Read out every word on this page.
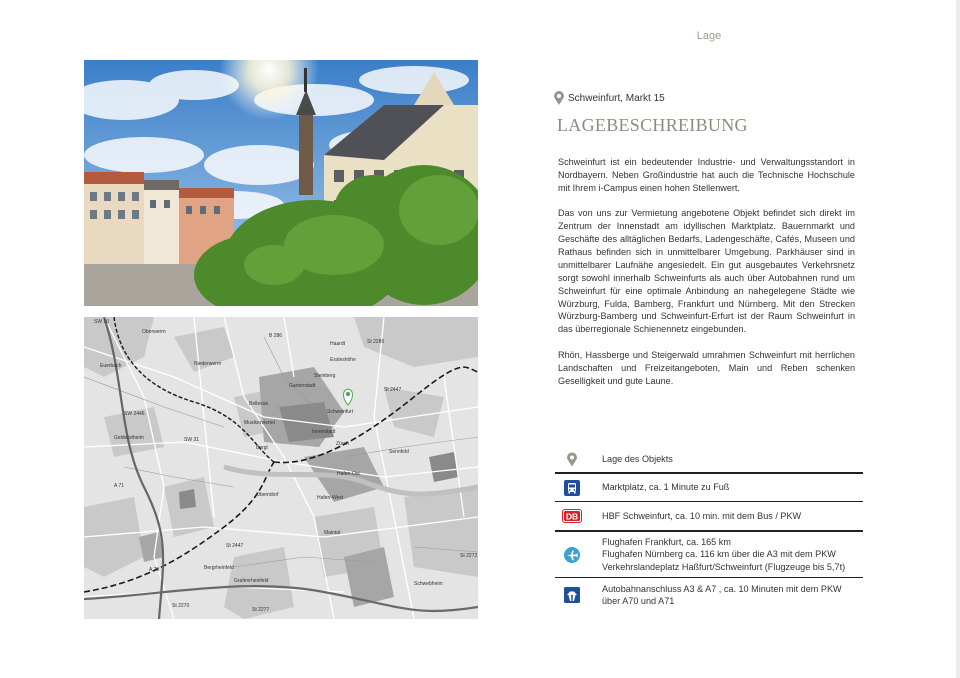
Lage
SW 10
Oberwerrn
B 286
Haardt	St 2280
Euerbach	Niederwerrn
Steinberg
Essleshöhe
Gartenstadt
Bellevue
Schweinfurt
St 2447
SW 2446
Musikerviertel
Innenstadt
Gelderstheim	SW 31
Zürch
Bergl
Sennfeld
A 71
Hafen-Ost
Oberndorf	Hafen-West
St 2447
Maintal
Grafenrheinfeld
Bergrheinfeld
St 2270
St 2277
A 70
St 2272
Schwebheim
Schweinfurt, Markt 15
LAGEBESCHREIBUNG

Schweinfurt ist ein bedeutender Industrie- und Verwaltungsstandort in Nordbayern. Neben Großindustrie hat auch die Technische Hochschule mit Ihrem i-Campus einen hohen Stellenwert.

Das von uns zur Vermietung angebotene Objekt befindet sich direkt im Zentrum der Innenstadt am idyllischen Marktplatz. Bauernmarkt und Geschäfte des alltäglichen Bedarfs, Ladengeschäfte, Cafés, Museen und Rathaus befinden sich in unmittelbarer Umgebung. Parkhäuser sind in unmittelbarer Laufnähe angesiedelt. Ein gut ausgebautes Verkehrsnetz sorgt sowohl innerhalb Schweinfurts als auch über Autobahnen rund um Schweinfurt für eine optimale Anbindung an nahegelegene Städte wie Würzburg, Fulda, Bamberg, Frankfurt und Nürnberg. Mit den Strecken Würzburg-Bamberg und Schweinfurt-Erfurt ist der Raum Schweinfurt in das überregionale Schienennetz eingebunden.

Rhön, Hassberge und Steigerwald umrahmen Schweinfurt mit herrlichen Landschaften und Freizeitangeboten, Main und Reben schenken Geselligkeit und gute Laune.

Lage des Objekts
Marktplatz, ca. 1 Minute zu Fuß
DB	HBF Schweinfurt, ca. 10 min. mit dem Bus / PKW
Flughafen Frankfurt, ca. 165 km
Flughafen Nürnberg ca. 116 km über die A3 mit dem PKW
Verkehrslandeplatz Haßfurt/Schweinfurt (Flugzeuge bis 5,7t)
Autobahnanschluss A3 & A7 , ca. 10 Minuten mit dem PKW
über A70 und A71
